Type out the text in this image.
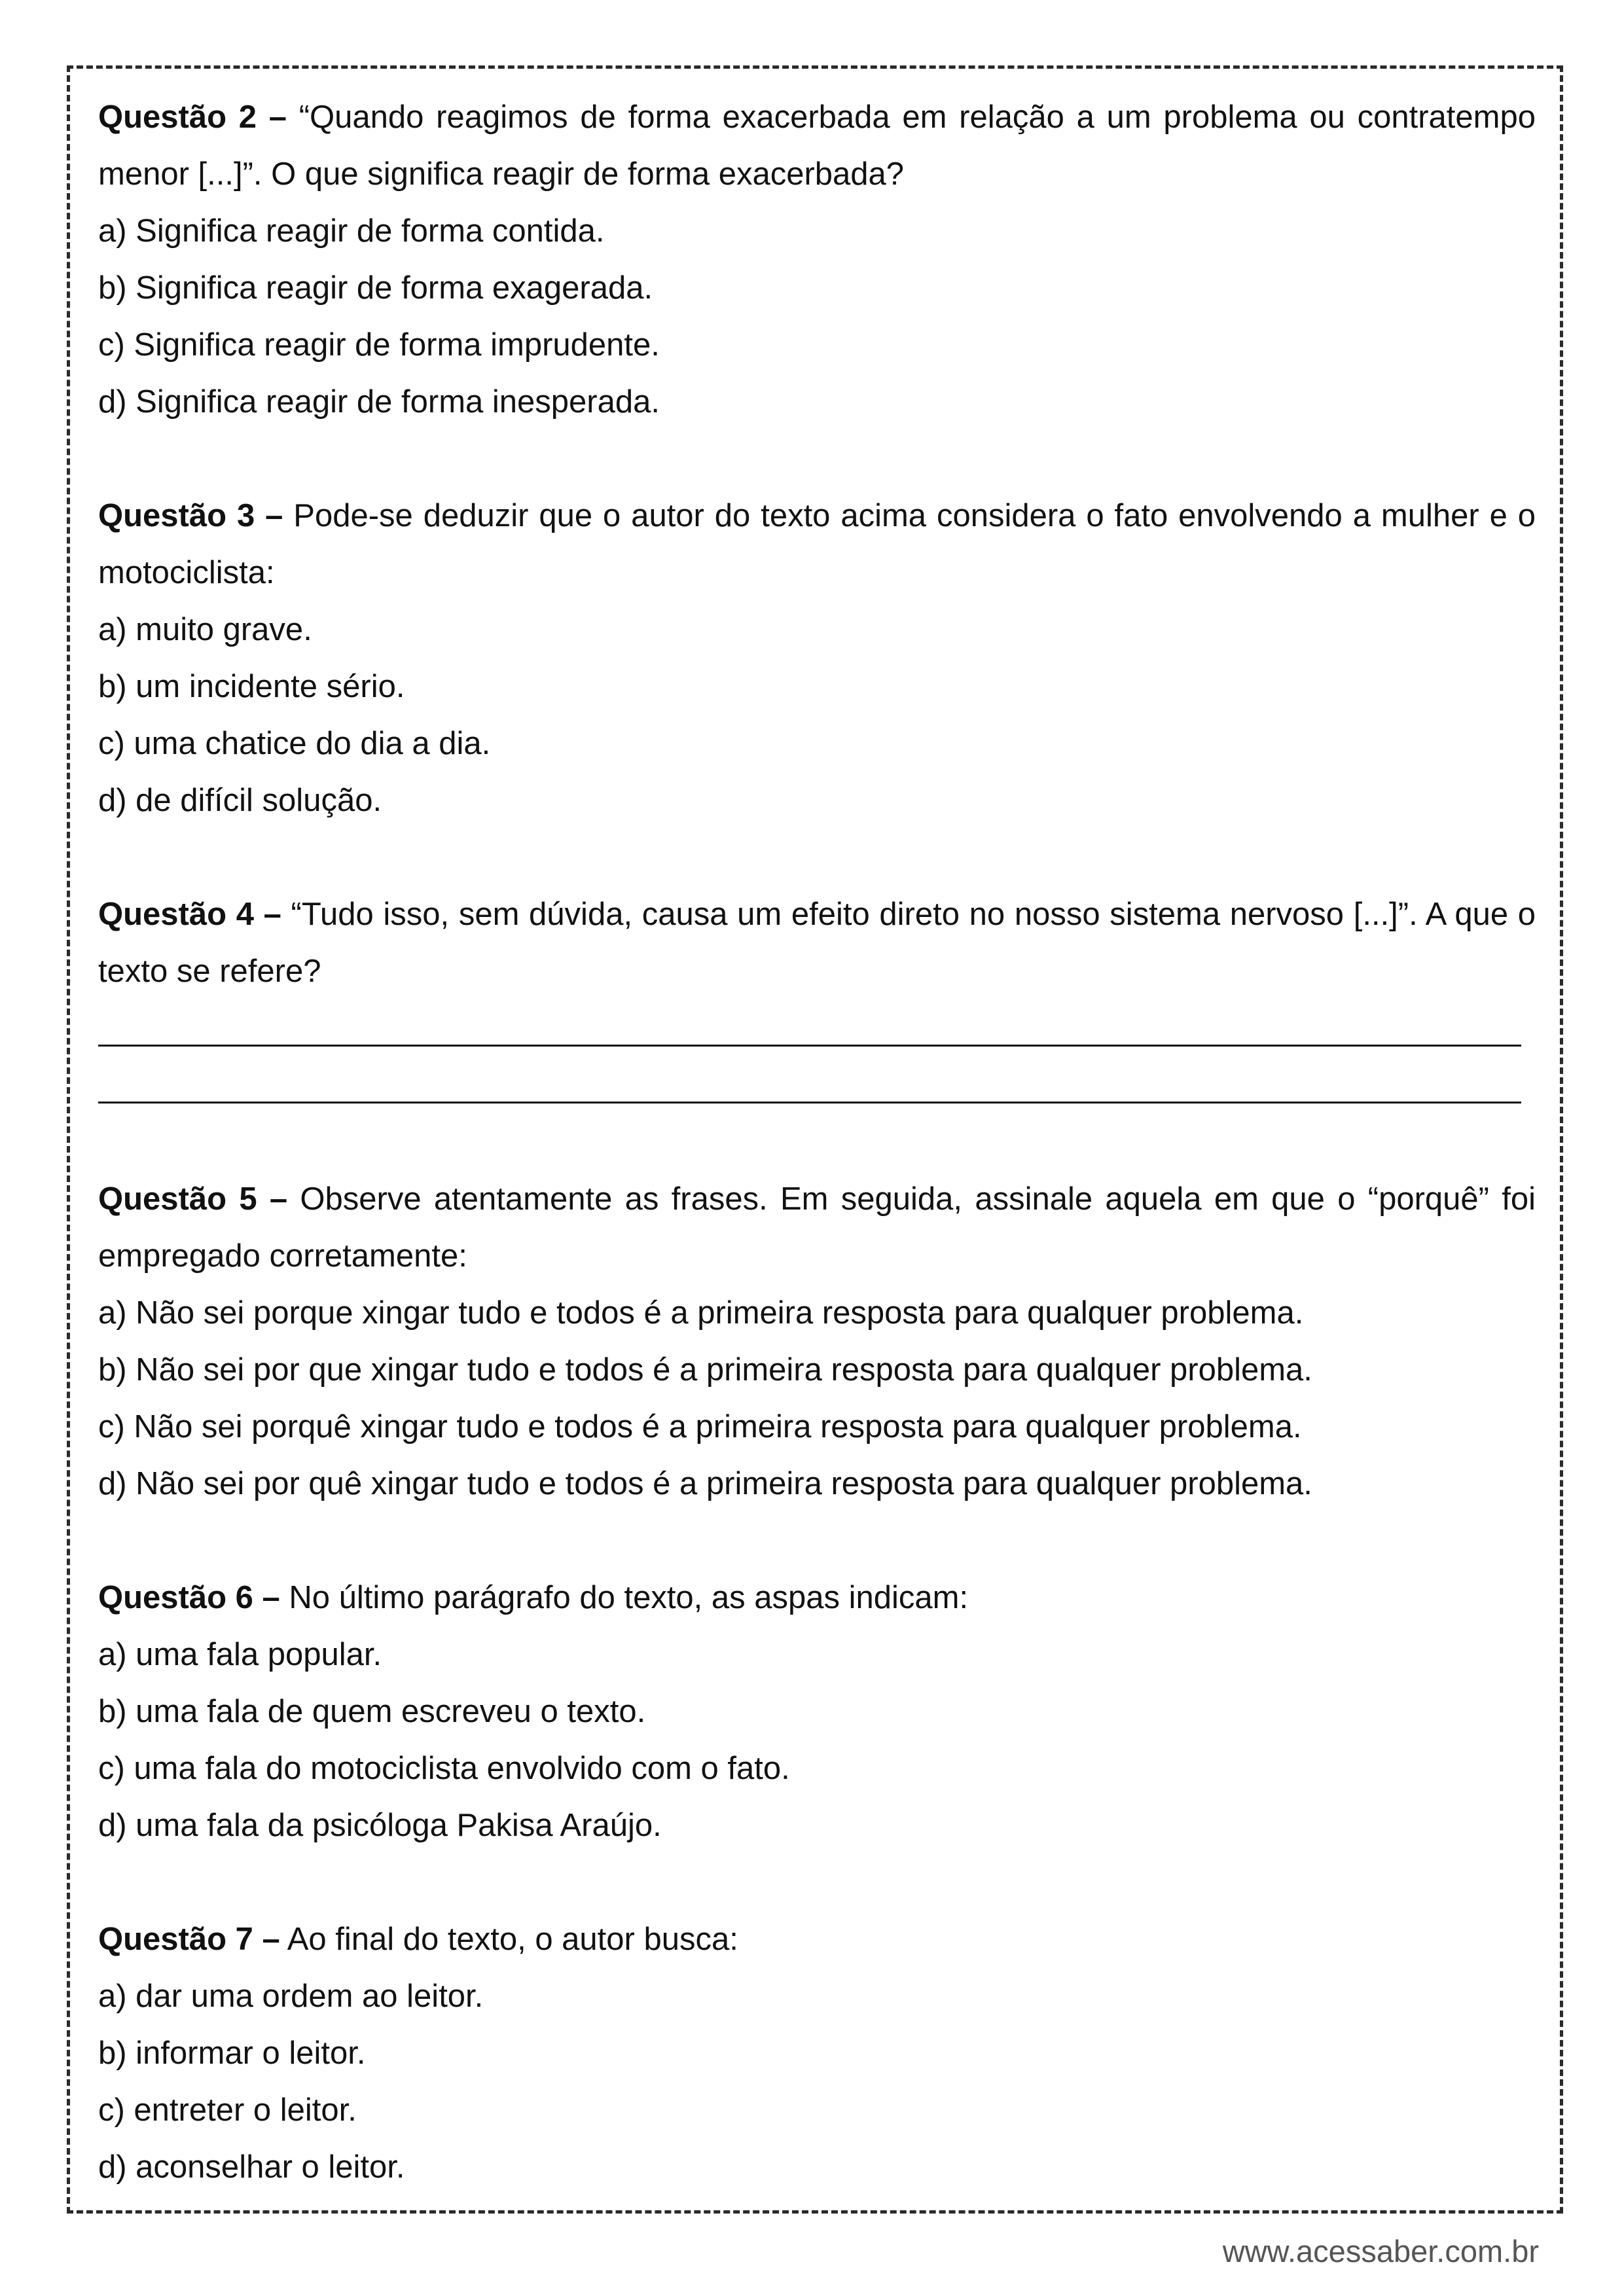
Questão 2 – “Quando reagimos de forma exacerbada em relação a um problema ou contratempo menor [...]”. O que significa reagir de forma exacerbada?

a) Significa reagir de forma contida.

b) Significa reagir de forma exagerada.

c) Significa reagir de forma imprudente.

d) Significa reagir de forma inesperada.

Questão 3 – Pode-se deduzir que o autor do texto acima considera o fato envolvendo a mulher e o motociclista:

a) muito grave.

b) um incidente sério.

c) uma chatice do dia a dia.

d) de difícil solução.

Questão 4 – “Tudo isso, sem dúvida, causa um efeito direto no nosso sistema nervoso [...]”. A que o texto se refere?

Questão 5 – Observe atentamente as frases. Em seguida, assinale aquela em que o “porquê” foi empregado corretamente:

a) Não sei porque xingar tudo e todos é a primeira resposta para qualquer problema.

b) Não sei por que xingar tudo e todos é a primeira resposta para qualquer problema.

c) Não sei porquê xingar tudo e todos é a primeira resposta para qualquer problema.

d) Não sei por quê xingar tudo e todos é a primeira resposta para qualquer problema.

Questão 6 – No último parágrafo do texto, as aspas indicam:

a) uma fala popular.

b) uma fala de quem escreveu o texto.

c) uma fala do motociclista envolvido com o fato.

d) uma fala da psicóloga Pakisa Araújo.

Questão 7 – Ao final do texto, o autor busca:

a) dar uma ordem ao leitor.

b) informar o leitor.

c) entreter o leitor.

d) aconselhar o leitor.

www.acessaber.com.br
